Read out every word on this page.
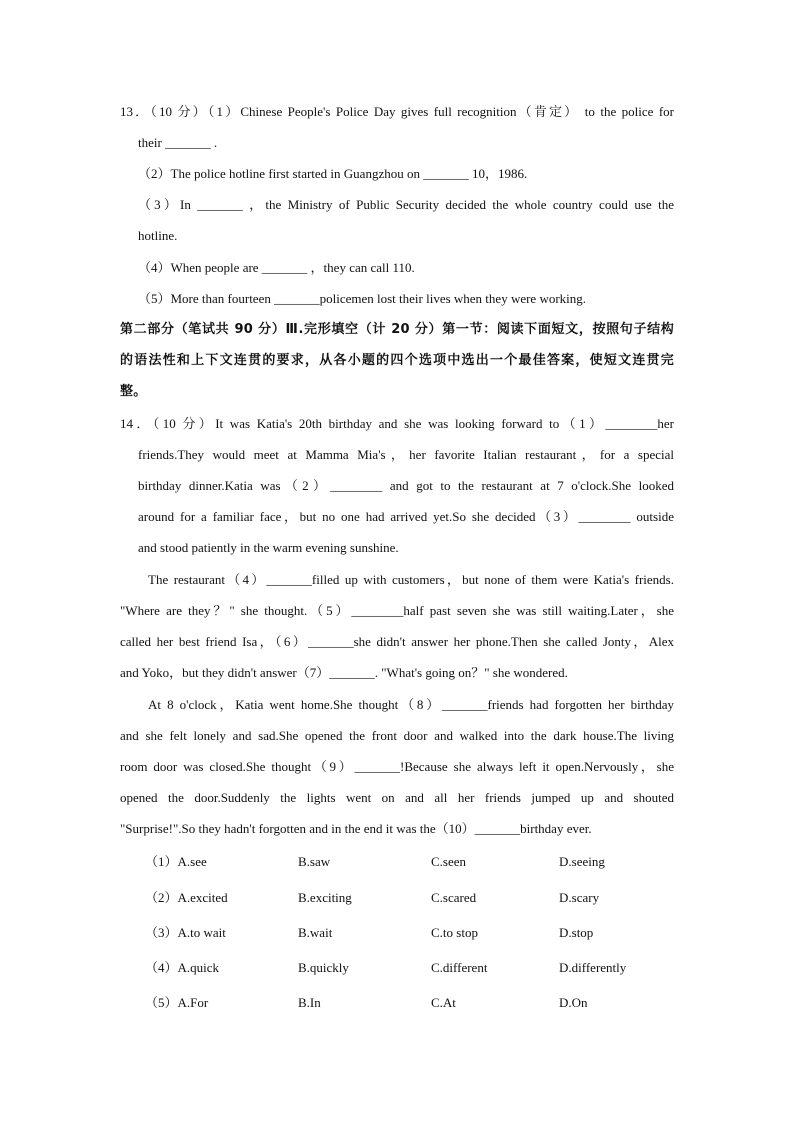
13．（10 分）（1）Chinese People's Police Day gives full recognition（肯定） to the police for
their _______ .
（2）The police hotline first started in Guangzhou on _______ 10，1986.
（3）In _______ ，the Ministry of Public Security decided the whole country could use the
hotline.
（4）When people are _______ ，they can call 110.
（5）More than fourteen _______policemen lost their lives when they were working.
第二部分（笔试共 90 分）Ⅲ.完形填空（计 20 分）第一节：阅读下面短文，按照句子结构
的语法性和上下文连贯的要求，从各小题的四个选项中选出一个最佳答案，使短文连贯完
整。
14．（10 分）It was Katia's 20th birthday and she was looking forward to（1）________her
friends.They would meet at Mamma Mia's，her favorite Italian restaurant，for a special
birthday dinner.Katia was（2）________ and got to the restaurant at 7 o'clock.She looked
around for a familiar face，but no one had arrived yet.So she decided（3）________ outside
and stood patiently in the warm evening sunshine.
The restaurant（4）_______filled up with customers，but none of them were Katia's friends.
"Where are they？" she thought.（5）________half past seven she was still waiting.Later，she
called her best friend Isa，（6）_______she didn't answer her phone.Then she called Jonty，Alex
and Yoko，but they didn't answer（7）_______. "What's going on？" she wondered.
At 8 o'clock，Katia went home.She thought（8）_______friends had forgotten her birthday
and she felt lonely and sad.She opened the front door and walked into the dark house.The living
room door was closed.She thought（9）_______!Because she always left it open.Nervously，she
opened the door.Suddenly the lights went on and all her friends jumped up and shouted
"Surprise!".So they hadn't forgotten and in the end it was the（10）_______birthday ever.
（1）A.see	B.saw	C.seen	D.seeing
（2）A.excited	B.exciting	C.scared	D.scary
（3）A.to wait	B.wait	C.to stop	D.stop
（4）A.quick	B.quickly	C.different	D.differently
（5）A.For	B.In	C.At	D.On
